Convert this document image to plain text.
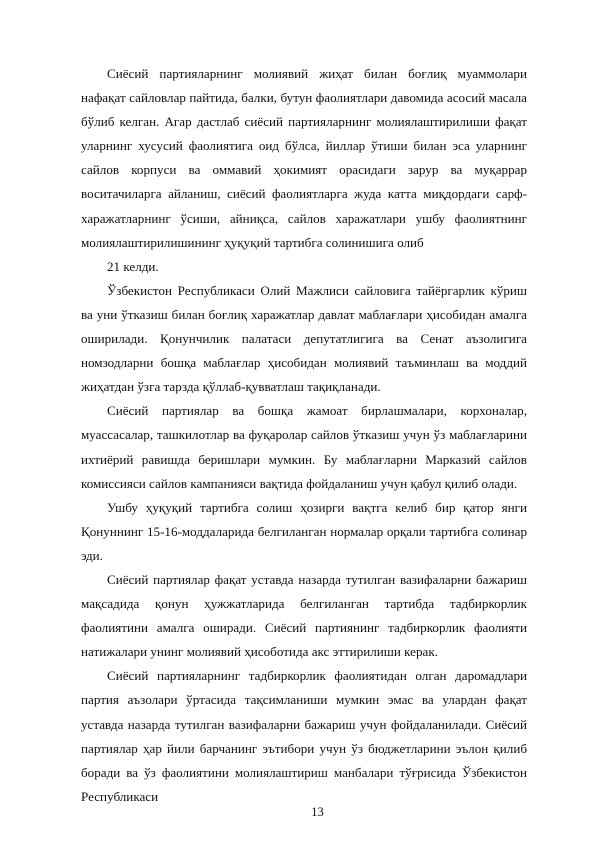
Сиёсий партияларнинг молиявий жиҳат билан боғлиқ муаммолари нафақат сайловлар пайтида, балки, бутун фаолиятлари давомида асосий масала бўлиб келган. Агар дастлаб сиёсий партияларнинг молиялаштирилиши фақат уларнинг хусусий фаолиятига оид бўлса, йиллар ўтиши билан эса уларнинг сайлов корпуси ва оммавий ҳокимият орасидаги зарур ва муқаррар воситачиларга айланиш, сиёсий фаолиятларга жуда катта миқдордаги сарф-харажатларнинг ўсиши, айниқса, сайлов харажатлари ушбу фаолиятнинг молиялаштирилишининг ҳуқуқий тартибга солинишига олиб

21 келди.

Ўзбекистон Республикаси Олий Мажлиси сайловига тайёргарлик кўриш ва уни ўтказиш билан боғлиқ харажатлар давлат маблағлари ҳисобидан амалга оширилади. Қонунчилик палатаси депутатлигига ва Сенат аъзолигига номзодларни бошқа маблағлар ҳисобидан молиявий таъминлаш ва моддий жиҳатдан ўзга тарзда қўллаб-қувватлаш тақиқланади.

Сиёсий партиялар ва бошқа жамоат бирлашмалари, корхоналар, муассасалар, ташкилотлар ва фуқаролар сайлов ўтказиш учун ўз маблағларини ихтиёрий равишда беришлари мумкин. Бу маблағларни Марказий сайлов комиссияси сайлов кампанияси вақтида фойдаланиш учун қабул қилиб олади.

Ушбу ҳуқуқий тартибга солиш ҳозирги вақтга келиб бир қатор янги Қонуннинг 15-16-моддаларида белгиланган нормалар орқали тартибга солинар эди.

Сиёсий партиялар фақат уставда назарда тутилган вазифаларни бажариш мақсадида қонун ҳужжатларида белгиланган тартибда тадбиркорлик фаолиятини амалга оширади. Сиёсий партиянинг тадбиркорлик фаолияти натижалари унинг молиявий ҳисоботида акс эттирилиши керак.

Сиёсий партияларнинг тадбиркорлик фаолиятидан олган даромадлари партия аъзолари ўртасида тақсимланиши мумкин эмас ва улардан фақат уставда назарда тутилган вазифаларни бажариш учун фойдаланилади. Сиёсий партиялар ҳар йили барчанинг эътибори учун ўз бюджетларини эълон қилиб боради ва ўз фаолиятини молиялаштириш манбалари тўғрисида Ўзбекистон Республикаси

13
